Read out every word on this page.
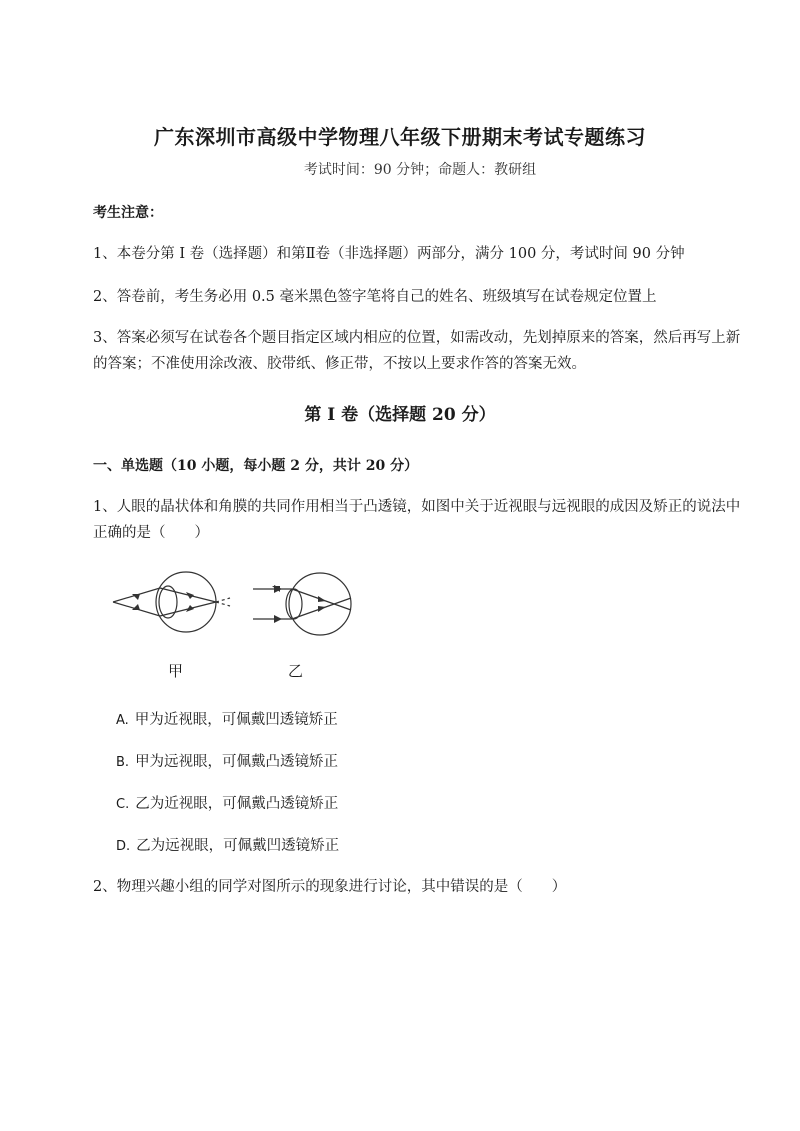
广东深圳市高级中学物理八年级下册期末考试专题练习
考试时间：90 分钟；命题人：教研组
考生注意：
1、本卷分第 I 卷（选择题）和第Ⅱ卷（非选择题）两部分，满分 100 分，考试时间 90 分钟
2、答卷前，考生务必用 0.5 毫米黑色签字笔将自己的姓名、班级填写在试卷规定位置上
3、答案必须写在试卷各个题目指定区域内相应的位置，如需改动，先划掉原来的答案，然后再写上新的答案；不准使用涂改液、胶带纸、修正带，不按以上要求作答的答案无效。
第 I 卷（选择题 20 分）
一、单选题（10 小题，每小题 2 分，共计 20 分）
1、人眼的晶状体和角膜的共同作用相当于凸透镜，如图中关于近视眼与远视眼的成因及矫正的说法中正确的是（　　）
甲	乙
A. 甲为近视眼，可佩戴凹透镜矫正
B. 甲为远视眼，可佩戴凸透镜矫正
C. 乙为近视眼，可佩戴凸透镜矫正
D. 乙为远视眼，可佩戴凹透镜矫正
2、物理兴趣小组的同学对图所示的现象进行讨论，其中错误的是（　　）
